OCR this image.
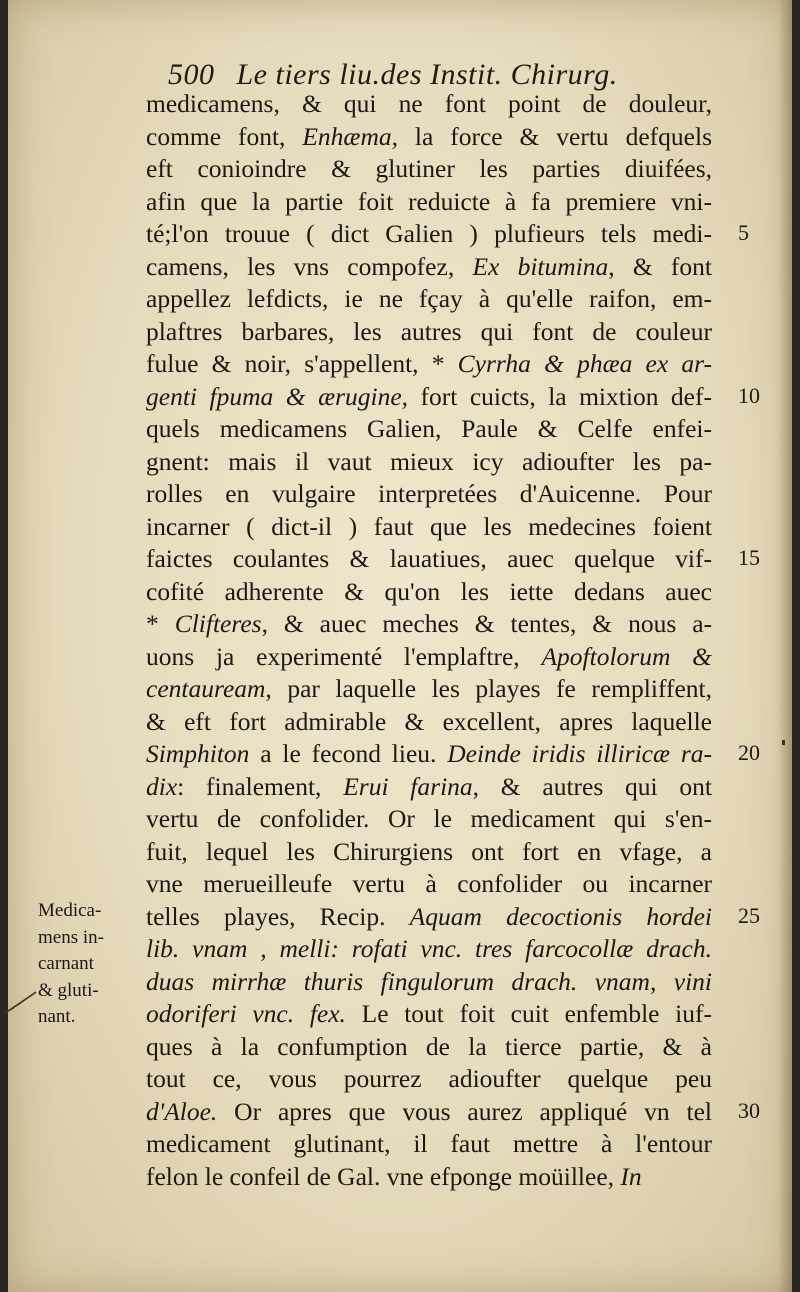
500 Le tiers liu.des Instit. Chirurg.
medicamens, & qui ne font point de douleur,
comme font, Enhæma, la force & vertu defquels
eft conioindre & glutiner les parties diuifées,
afin que la partie foit reduicte à fa premiere vni-
té;l'on trouue ( dict Galien ) plufieurs tels medi-
camens, les vns compofez, Ex bitumina, & font
appellez lefdicts, ie ne fçay à qu'elle raifon, em-
plaftres barbares, les autres qui font de couleur
fulue & noir, s'appellent, * Cyrrha & phæa ex ar-
genti fpuma & ærugine, fort cuicts, la mixtion def-
quels medicamens Galien, Paule & Celfe enfei-
gnent: mais il vaut mieux icy adioufter les pa-
rolles en vulgaire interpretées d'Auicenne. Pour
incarner ( dict-il ) faut que les medecines foient
faictes coulantes & lauatiues, auec quelque vif-
cofité adherente & qu'on les iette dedans auec
* Clifteres, & auec meches & tentes, & nous a-
uons ja experimenté l'emplaftre, Apoftolorum &
centauream, par laquelle les playes fe rempliffent,
& eft fort admirable & excellent, apres laquelle
Simphiton a le fecond lieu. Deinde iridis illiricæ ra-
dix: finalement, Erui farina, & autres qui ont
vertu de confolider. Or le medicament qui s'en-
fuit, lequel les Chirurgiens ont fort en vfage, a
vne merueilleufe vertu à confolider ou incarner
telles playes, Recip. Aquam decoctionis hordei
lib. vnam , melli: rofati vnc. tres farcocollæ drach.
duas mirrhæ thuris fingulorum drach. vnam, vini
odoriferi vnc. fex. Le tout foit cuit enfemble iuf-
ques à la confumption de la tierce partie, & à
tout ce, vous pourrez adioufter quelque peu
d'Aloe. Or apres que vous aurez appliqué vn tel
medicament glutinant, il faut mettre à l'entour
felon le confeil de Gal. vne efponge moüillee, In
5
10
15
20
25
30
Medica-
mens in-
carnant
& gluti-
nant.
